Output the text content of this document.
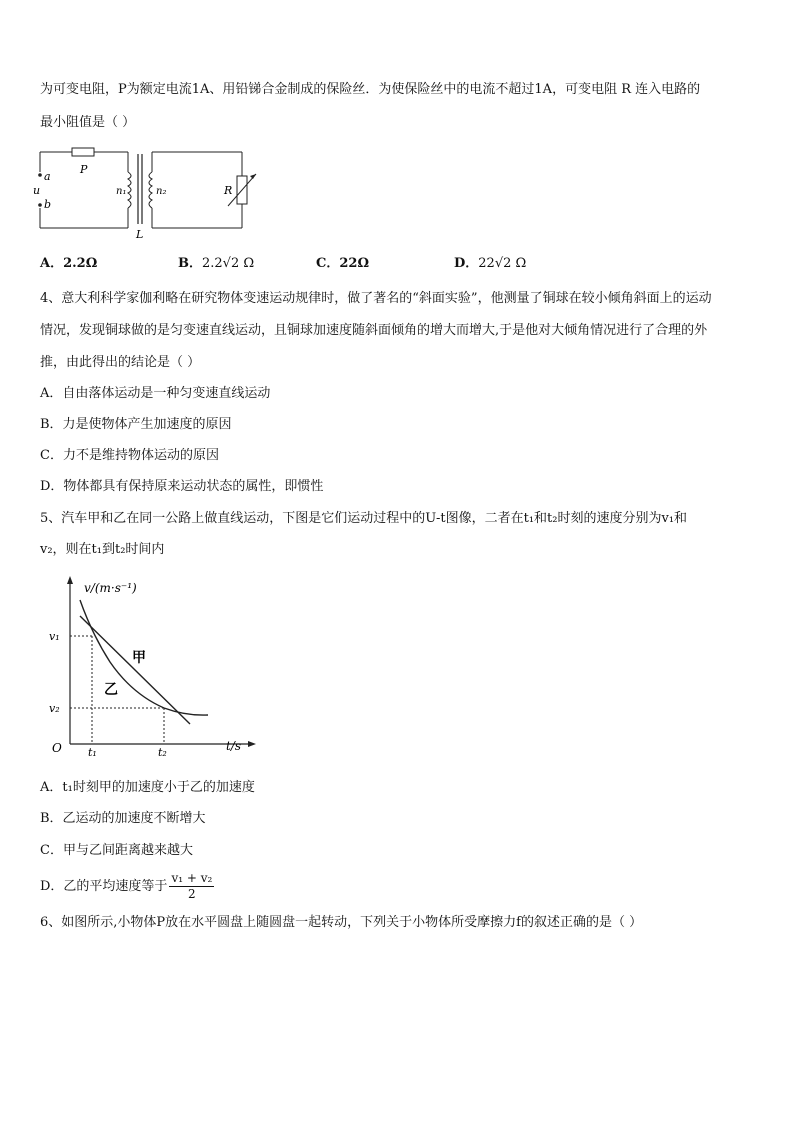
为可变电阻，P为额定电流1A、用铅锑合金制成的保险丝．为使保险丝中的电流不超过1A，可变电阻 R 连入电路的
最小阻值是（ ）
P
a
u
b
n₁
L
n₂	R
A．2.2Ω	B．2.2√2 Ω	C．22Ω	D．22√2 Ω
4、意大利科学家伽利略在研究物体变速运动规律时，做了著名的“斜面实验”，他测量了铜球在较小倾角斜面上的运动
情况，发现铜球做的是匀变速直线运动，且铜球加速度随斜面倾角的增大而增大,于是他对大倾角情况进行了合理的外
推，由此得出的结论是（ ）
A．自由落体运动是一种匀变速直线运动
B．力是使物体产生加速度的原因
C．力不是维持物体运动的原因
D．物体都具有保持原来运动状态的属性，即惯性
5、汽车甲和乙在同一公路上做直线运动，下图是它们运动过程中的U-t图像，二者在t₁和t₂时刻的速度分别为v₁和
v₂，则在t₁到t₂时间内
v/(m·s⁻¹)
t/s
O
v₁
v₂
t₁	t₂
甲
乙
A．t₁时刻甲的加速度小于乙的加速度
B．乙运动的加速度不断增大
C．甲与乙间距离越来越大
D．乙的平均速度等于 $\frac{\text{v₁ + v₂}}{2}$
6、如图所示,小物体P放在水平圆盘上随圆盘一起转动，下列关于小物体所受摩擦力f的叙述正确的是（ ）
